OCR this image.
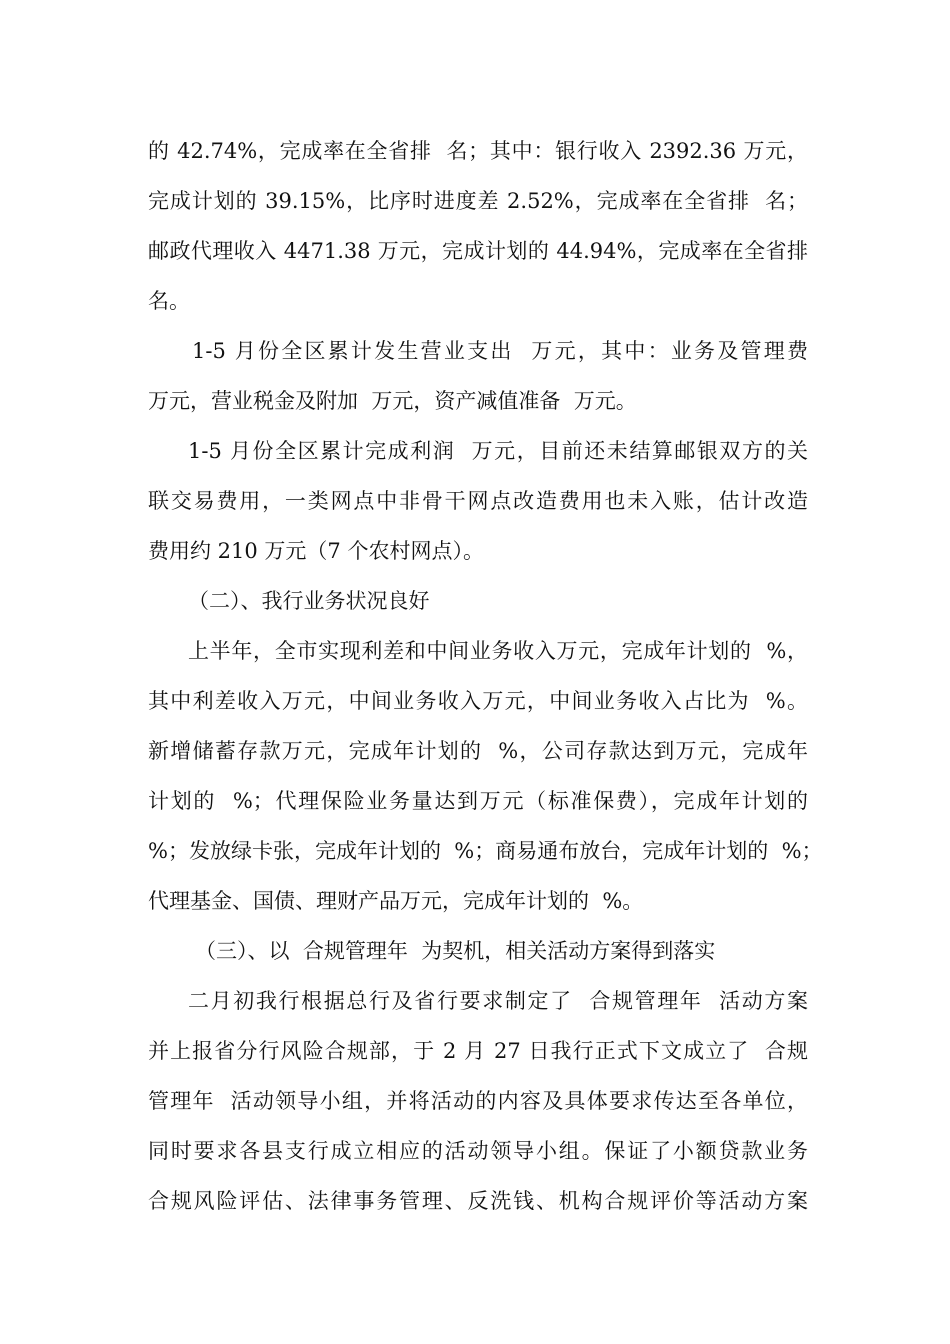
的 42.74%，完成率在全省排  名；其中：银行收入 2392.36 万元，
完成计划的 39.15%，比序时进度差 2.52%，完成率在全省排  名；
邮政代理收入 4471.38 万元，完成计划的 44.94%，完成率在全省排
名。
1-5 月份全区累计发生营业支出  万元，其中：业务及管理费
万元，营业税金及附加  万元，资产减值准备  万元。
1-5 月份全区累计完成利润  万元，目前还未结算邮银双方的关
联交易费用，一类网点中非骨干网点改造费用也未入账，估计改造
费用约 210 万元（7 个农村网点）。
（二）、我行业务状况良好
上半年，全市实现利差和中间业务收入万元，完成年计划的  %，
其中利差收入万元，中间业务收入万元，中间业务收入占比为  %。
新增储蓄存款万元，完成年计划的  %，公司存款达到万元，完成年
计划的  %；代理保险业务量达到万元（标准保费），完成年计划的
%；发放绿卡张，完成年计划的  %；商易通布放台，完成年计划的  %；
代理基金、国债、理财产品万元，完成年计划的  %。
（三）、以  合规管理年  为契机，相关活动方案得到落实
二月初我行根据总行及省行要求制定了  合规管理年  活动方案
并上报省分行风险合规部，于 2 月 27 日我行正式下文成立了  合规
管理年  活动领导小组，并将活动的内容及具体要求传达至各单位，
同时要求各县支行成立相应的活动领导小组。保证了小额贷款业务
合规风险评估、法律事务管理、反洗钱、机构合规评价等活动方案
